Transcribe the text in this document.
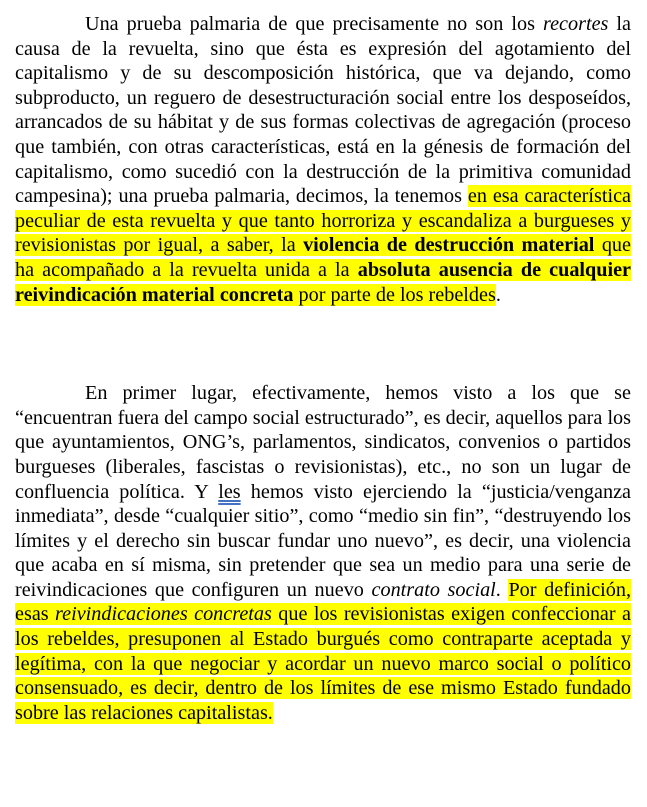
Una prueba palmaria de que precisamente no son los recortes la causa de la revuelta, sino que ésta es expresión del agotamiento del capitalismo y de su descomposición histórica, que va dejando, como subproducto, un reguero de desestructuración social entre los desposeídos, arrancados de su hábitat y de sus formas colectivas de agregación (proceso que también, con otras características, está en la génesis de formación del capitalismo, como sucedió con la destrucción de la primitiva comunidad campesina); una prueba palmaria, decimos, la tenemos en esa característica peculiar de esta revuelta y que tanto horroriza y escandaliza a burgueses y revisionistas por igual, a saber, la violencia de destrucción material que ha acompañado a la revuelta unida a la absoluta ausencia de cualquier reivindicación material concreta por parte de los rebeldes.

En primer lugar, efectivamente, hemos visto a los que se “encuentran fuera del campo social estructurado”, es decir, aquellos para los que ayuntamientos, ONG’s, parlamentos, sindicatos, convenios o partidos burgueses (liberales, fascistas o revisionistas), etc., no son un lugar de confluencia política. Y les hemos visto ejerciendo la “justicia/venganza inmediata”, desde “cualquier sitio”, como “medio sin fin”, “destruyendo los límites y el derecho sin buscar fundar uno nuevo”, es decir, una violencia que acaba en sí misma, sin pretender que sea un medio para una serie de reivindicaciones que configuren un nuevo contrato social. Por definición, esas reivindicaciones concretas que los revisionistas exigen confeccionar a los rebeldes, presuponen al Estado burgués como contraparte aceptada y legítima, con la que negociar y acordar un nuevo marco social o político consensuado, es decir, dentro de los límites de ese mismo Estado fundado sobre las relaciones capitalistas.
